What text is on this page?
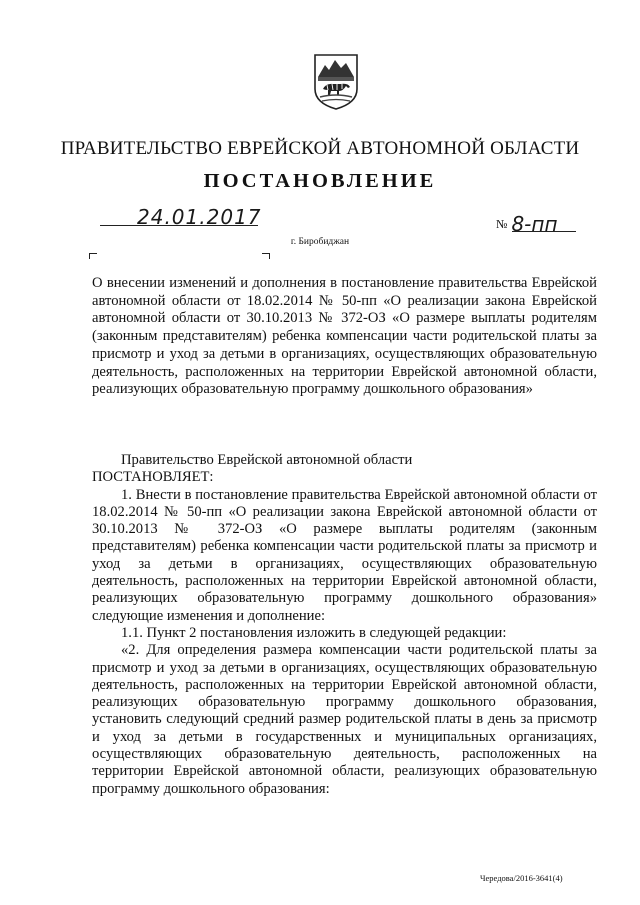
ПРАВИТЕЛЬСТВО ЕВРЕЙСКОЙ АВТОНОМНОЙ ОБЛАСТИ
ПОСТАНОВЛЕНИЕ
24.01.2017	№ 8-пп
г. Биробиджан
О внесении изменений и дополнения в постановление правительства Еврейской автономной области от 18.02.2014 № 50-пп «О реализации закона Еврейской автономной области от 30.10.2013 № 372-ОЗ «О размере выплаты родителям (законным представителям) ребенка компенсации части родительской платы за присмотр и уход за детьми в организациях, осуществляющих образовательную деятельность, расположенных на территории Еврейской автономной области, реализующих образовательную программу дошкольного образования»

Правительство Еврейской автономной области

ПОСТАНОВЛЯЕТ:

1. Внести в постановление правительства Еврейской автономной области от 18.02.2014 № 50-пп «О реализации закона Еврейской автономной области от 30.10.2013 № 372-ОЗ «О размере выплаты родителям (законным представителям) ребенка компенсации части родительской платы за присмотр и уход за детьми в организациях, осуществляющих образовательную деятельность, расположенных на территории Еврейской автономной области, реализующих образовательную программу дошкольного образования» следующие изменения и дополнение:

1.1. Пункт 2 постановления изложить в следующей редакции:

«2. Для определения размера компенсации части родительской платы за присмотр и уход за детьми в организациях, осуществляющих образовательную деятельность, расположенных на территории Еврейской автономной области, реализующих образовательную программу дошкольного образования, установить следующий средний размер родительской платы в день за присмотр и уход за детьми в государственных и муниципальных организациях, осуществляющих образовательную деятельность, расположенных на территории Еврейской автономной области, реализующих образовательную программу дошкольного образования:

Чередова/2016-3641(4)
